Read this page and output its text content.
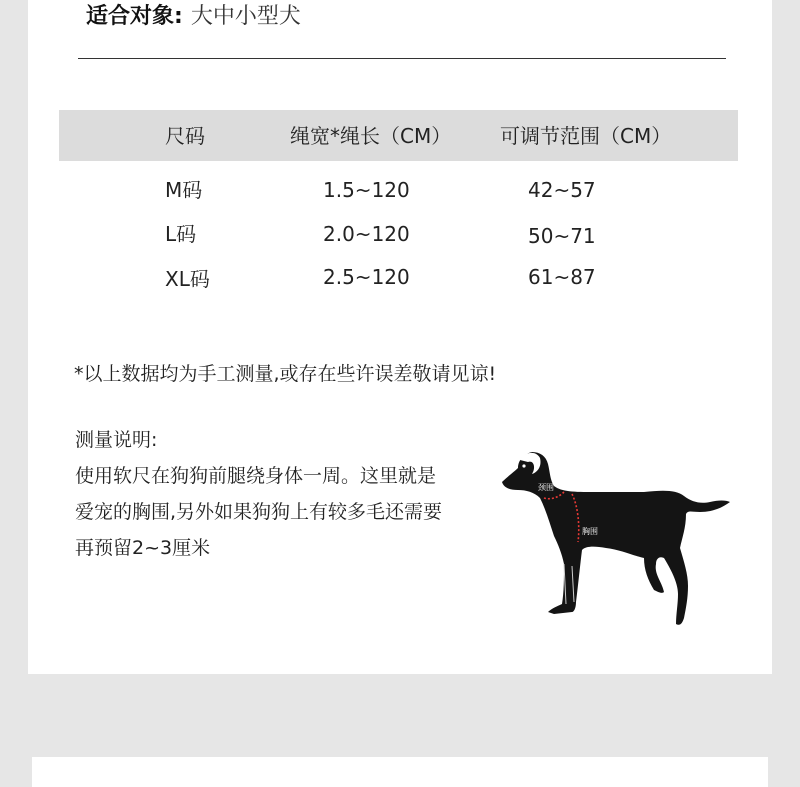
适合对象: 大中小型犬
尺码	绳宽*绳长（CM） 可调节范围（CM）
M码	1.5~120	42~57
L码	2.0~120	50~71
XL码	2.5~120	61~87
*以上数据均为手工测量,或存在些许误差敬请见谅!
测量说明:
使用软尺在狗狗前腿绕身体一周。这里就是
爱宠的胸围,另外如果狗狗上有较多毛还需要
再预留2~3厘米
颈围
胸围
